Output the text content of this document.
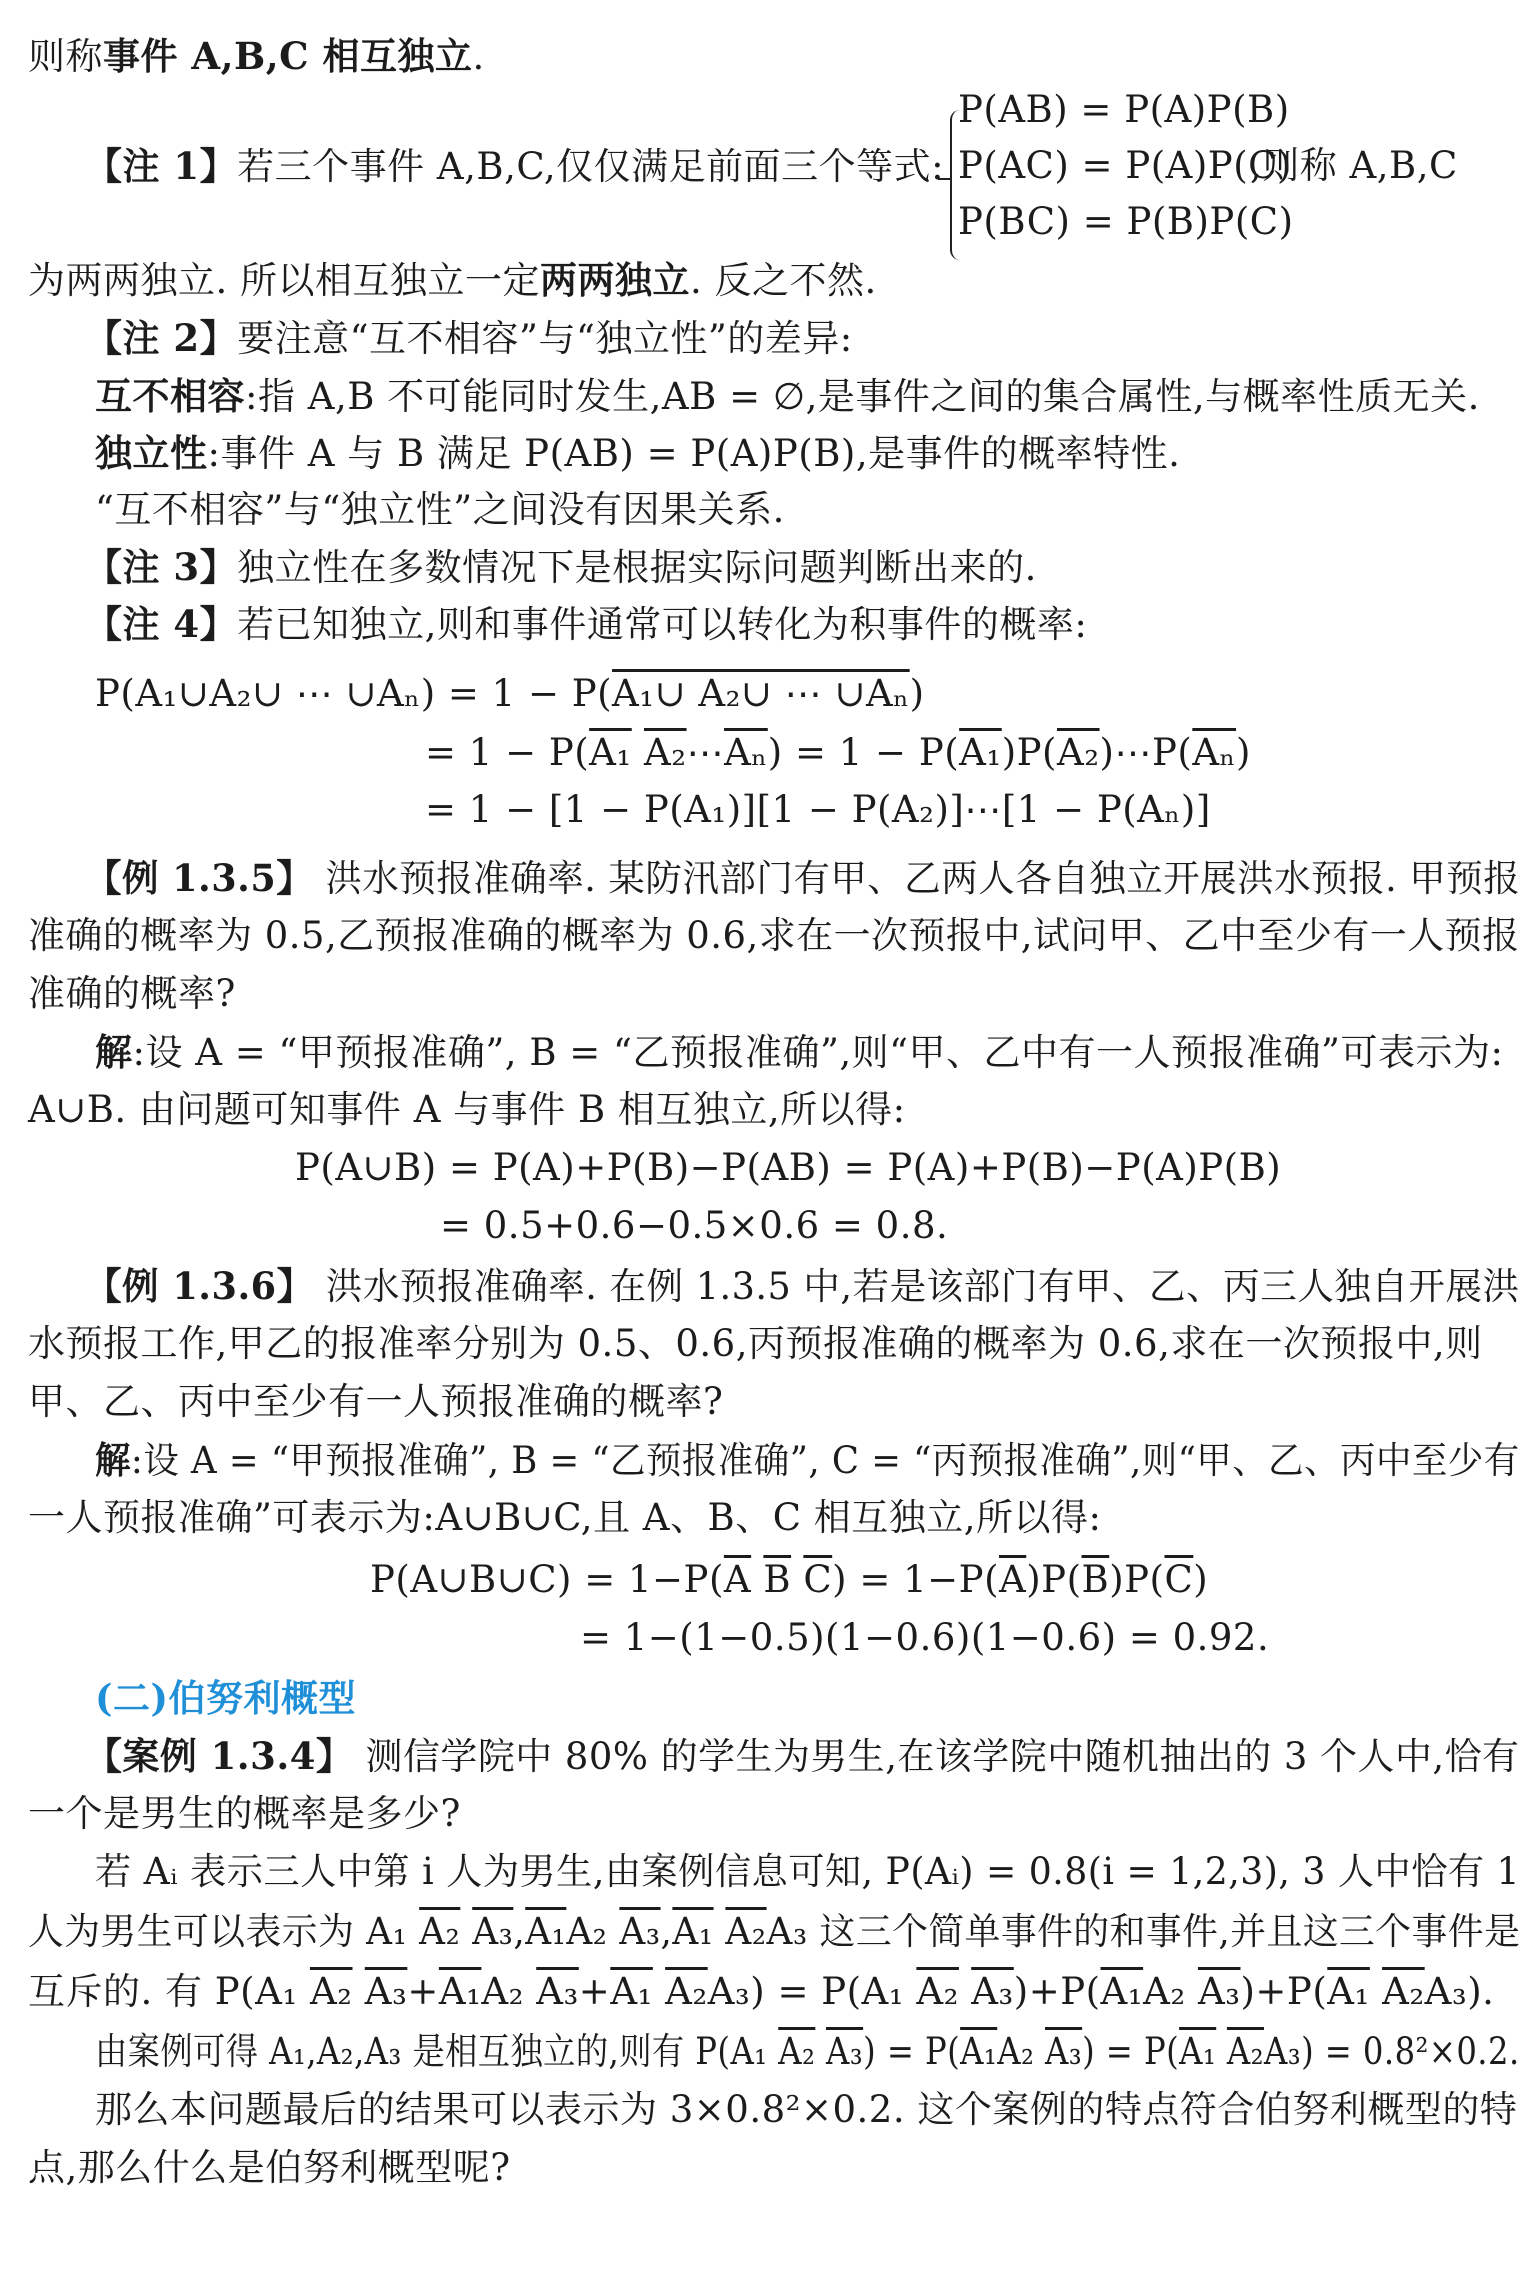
则称事件 A,B,C 相互独立.
P(AB) = P(A)P(B)
【注 1】若三个事件 A,B,C,仅仅满足前面三个等式: P(AC) = P(A)P(C)
,则称 A,B,C
P(BC) = P(B)P(C)
为两两独立. 所以相互独立一定两两独立. 反之不然.
【注 2】要注意“互不相容”与“独立性”的差异:
互不相容:指 A,B 不可能同时发生,AB = ∅,是事件之间的集合属性,与概率性质无关.
独立性:事件 A 与 B 满足 P(AB) = P(A)P(B),是事件的概率特性.
“互不相容”与“独立性”之间没有因果关系.
【注 3】独立性在多数情况下是根据实际问题判断出来的.
【注 4】若已知独立,则和事件通常可以转化为积事件的概率:
P(A₁∪A₂∪ ⋯ ∪Aₙ) = 1 − P(A₁∪ A₂∪ ⋯ ∪Aₙ)
= 1 − P(A₁ $A_2\cdots\overline{A_n}) = 1$ − $P(A_1)P(A_2)\cdots P(\overline{A_n})$
= 1 − [1 − P(A₁)][1 − P(A₂)]⋯[1 − P(Aₙ)]
【例 1.3.5】 洪水预报准确率. 某防汛部门有甲、乙两人各自独立开展洪水预报. 甲预报
准确的概率为 0.5,乙预报准确的概率为 0.6,求在一次预报中,试问甲、乙中至少有一人预报
准确的概率?
解:设 A = “甲预报准确”, B = “乙预报准确”,则“甲、乙中有一人预报准确”可表示为:
A∪B. 由问题可知事件 A 与事件 B 相互独立,所以得:
P(A∪B) = P(A)+P(B)−P(AB) = P(A)+P(B)−P(A)P(B)
= 0.5+0.6−0.5×0.6 = 0.8.
【例 1.3.6】 洪水预报准确率. 在例 1.3.5 中,若是该部门有甲、乙、丙三人独自开展洪
水预报工作,甲乙的报准率分别为 0.5、0.6,丙预报准确的概率为 0.6,求在一次预报中,则
甲、乙、丙中至少有一人预报准确的概率?
解:设 A = “甲预报准确”, B = “乙预报准确”, C = “丙预报准确”,则“甲、乙、丙中至少有
一人预报准确”可表示为:A∪B∪C,且 A、B、C 相互独立,所以得:
P(A∪B∪C) = $1-P(\overline{A}$ $\overline{B}$ $\overline{C}) = 1-P(\overline{A})P(\overline{B})P(\overline{C})$
= 1−(1−0.5)(1−0.6)(1−0.6) = 0.92.
(二)伯努利概型
【案例 1.3.4】 测信学院中 80% 的学生为男生,在该学院中随机抽出的 3 个人中,恰有
一个是男生的概率是多少?
若 Aᵢ 表示三人中第 i 人为男生,由案例信息可知, P(Aᵢ) = 0.8(i = 1,2,3), 3 人中恰有 1
人为男生可以表示为 A₁ A₂ A₃,A₁A₂ A₃,A₁ A₂A₃ 这三个简单事件的和事件,并且这三个事件是
互斥的. 有 P(A₁ A₂ A₃+A₁A₂ A₃+A₁ A₂A₃) = P(A₁ A₂ A₃)+P(A₁A₂ A₃)+P(A₁ A₂A₃).
由案例可得 A₁,A₂,A₃ 是相互独立的,则有 P(A₁ A₂ A₃) = P(A₁A₂ A₃) = P(A₁ A₂A₃) = 0.8²×0.2.
那么本问题最后的结果可以表示为 3×0.8²×0.2. 这个案例的特点符合伯努利概型的特
点,那么什么是伯努利概型呢?
